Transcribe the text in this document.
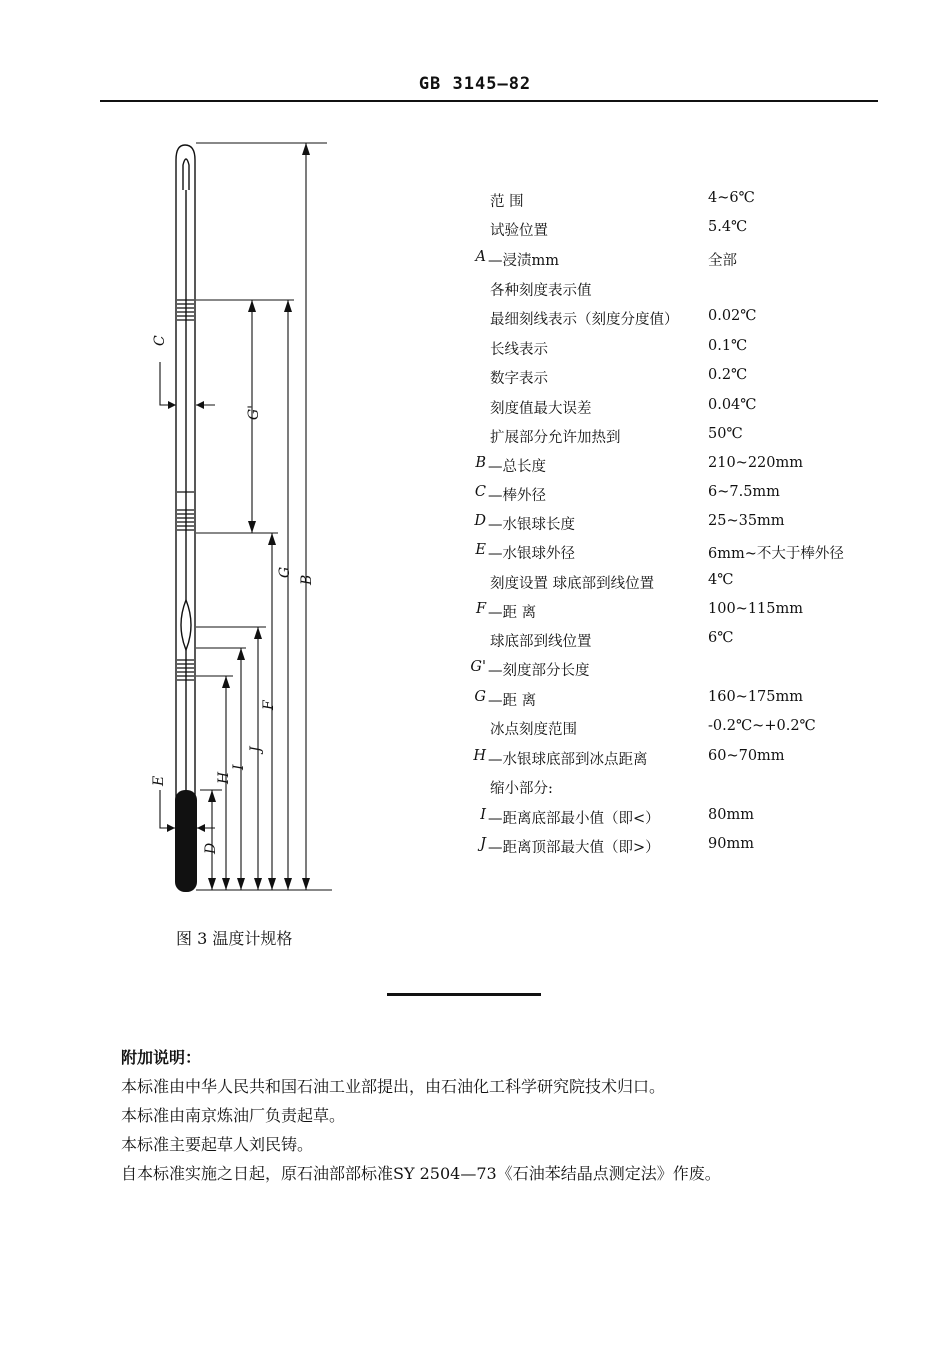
GB 3145—82
C
G'
G
B
F
J
I
H
E
D
范 围	4~6℃
试验位置	5.4℃
A —浸渍mm	全部
各种刻度表示值
最细刻线表示（刻度分度值） 0.02℃
长线表示	0.1℃
数字表示	0.2℃
刻度值最大误差	0.04℃
扩展部分允许加热到	50℃
B —总长度	210~220mm
C —棒外径	6~7.5mm
D —水银球长度	25~35mm
E —水银球外径	6mm~不大于棒外径
刻度设置 球底部到线位置	4℃
F —距 离	100~115mm
球底部到线位置	6℃
G' —刻度部分长度
G —距 离	160~175mm
冰点刻度范围	-0.2℃~+0.2℃
H —水银球底部到冰点距离	60~70mm
缩小部分:
I —距离底部最小值（即<）	80mm
J —距离顶部最大值（即>）	90mm
图 3 温度计规格
附加说明：
本标准由中华人民共和国石油工业部提出，由石油化工科学研究院技术归口。
本标准由南京炼油厂负责起草。
本标准主要起草人刘民铸。
自本标准实施之日起，原石油部部标准SY 2504—73《石油苯结晶点测定法》作废。
